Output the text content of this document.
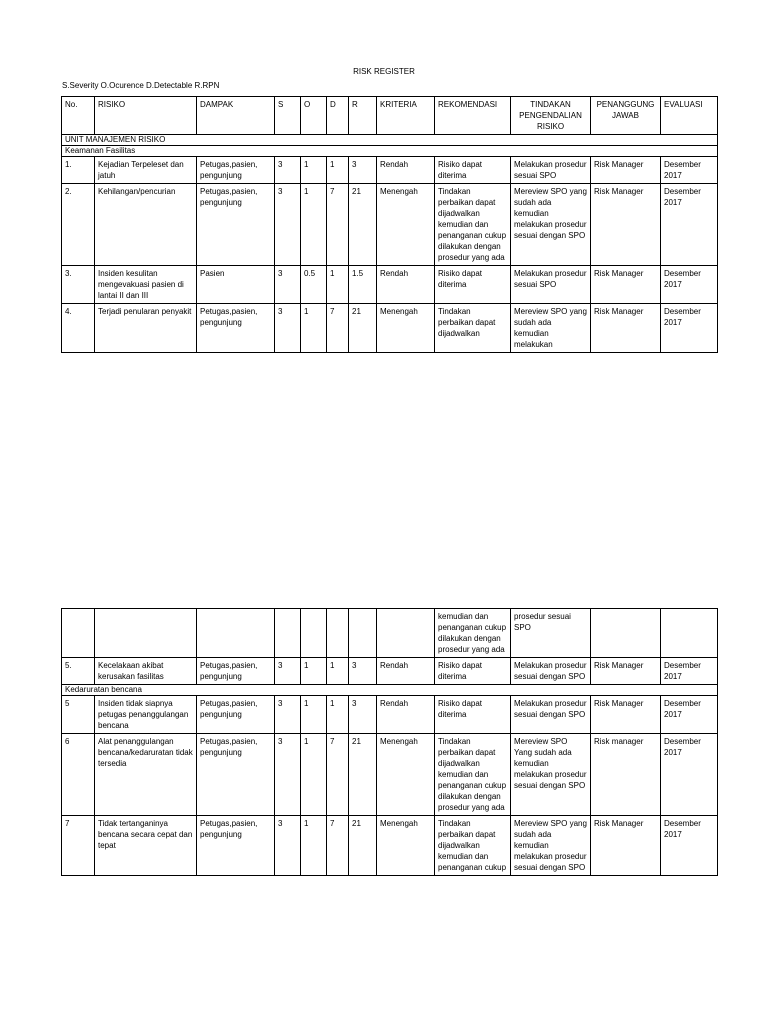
RISK REGISTER
S.Severity O.Ocurence D.Detectable R.RPN
No.	RISIKO	DAMPAK	S	O	D	R	KRITERIA	REKOMENDASI	TINDAKAN PENGENDALIAN RISIKO	PENANGGUNG JAWAB	EVALUASI
UNIT MANAJEMEN RISIKO											
Keamanan Fasilitas											
1.	Kejadian Terpeleset dan jatuh	Petugas,pasien, pengunjung	3	1	1	3	Rendah	Risiko dapat diterima	Melakukan prosedur sesuai SPO	Risk Manager	Desember 2017
2.	Kehilangan/pencurian	Petugas,pasien, pengunjung	3	1	7	21	Menengah	Tindakan perbaikan dapat dijadwalkan kemudian dan penanganan cukup dilakukan dengan prosedur yang ada	Mereview SPO yang sudah ada kemudian melakukan prosedur sesuai dengan SPO	Risk Manager	Desember 2017
3.	Insiden kesulitan mengevakuasi pasien di lantai II dan III	Pasien	3	0.5	1	1.5	Rendah	Risiko dapat diterima	Melakukan prosedur sesuai SPO	Risk Manager	Desember 2017
4.	Terjadi penularan penyakit	Petugas,pasien, pengunjung	3	1	7	21	Menengah	Tindakan perbaikan dapat dijadwalkan	Mereview SPO yang sudah ada kemudian melakukan	Risk Manager	Desember 2017
								kemudian dan penanganan cukup dilakukan dengan prosedur yang ada	prosedur sesuai SPO		
5.	Kecelakaan akibat kerusakan fasilitas	Petugas,pasien, pengunjung	3	1	1	3	Rendah	Risiko dapat diterima	Melakukan prosedur sesuai dengan SPO	Risk Manager	Desember 2017
Kedaruratan bencana											
5	Insiden tidak siapnya petugas penanggulangan bencana	Petugas,pasien, pengunjung	3	1	1	3	Rendah	Risiko dapat diterima	Melakukan prosedur sesuai dengan SPO	Risk Manager	Desember 2017
6	Alat penanggulangan bencana/kedaruratan tidak tersedia	Petugas,pasien, pengunjung	3	1	7	21	Menengah	Tindakan perbaikan dapat dijadwalkan kemudian dan penanganan cukup dilakukan dengan prosedur yang ada	Mereview SPO Yang sudah ada kemudian melakukan prosedur sesuai dengan SPO	Risk manager	Desember 2017
7	Tidak tertanganinya bencana secara cepat dan tepat	Petugas,pasien, pengunjung	3	1	7	21	Menengah	Tindakan perbaikan dapat dijadwalkan kemudian dan penanganan cukup	Mereview SPO yang sudah ada kemudian melakukan prosedur sesuai dengan SPO	Risk Manager	Desember 2017
